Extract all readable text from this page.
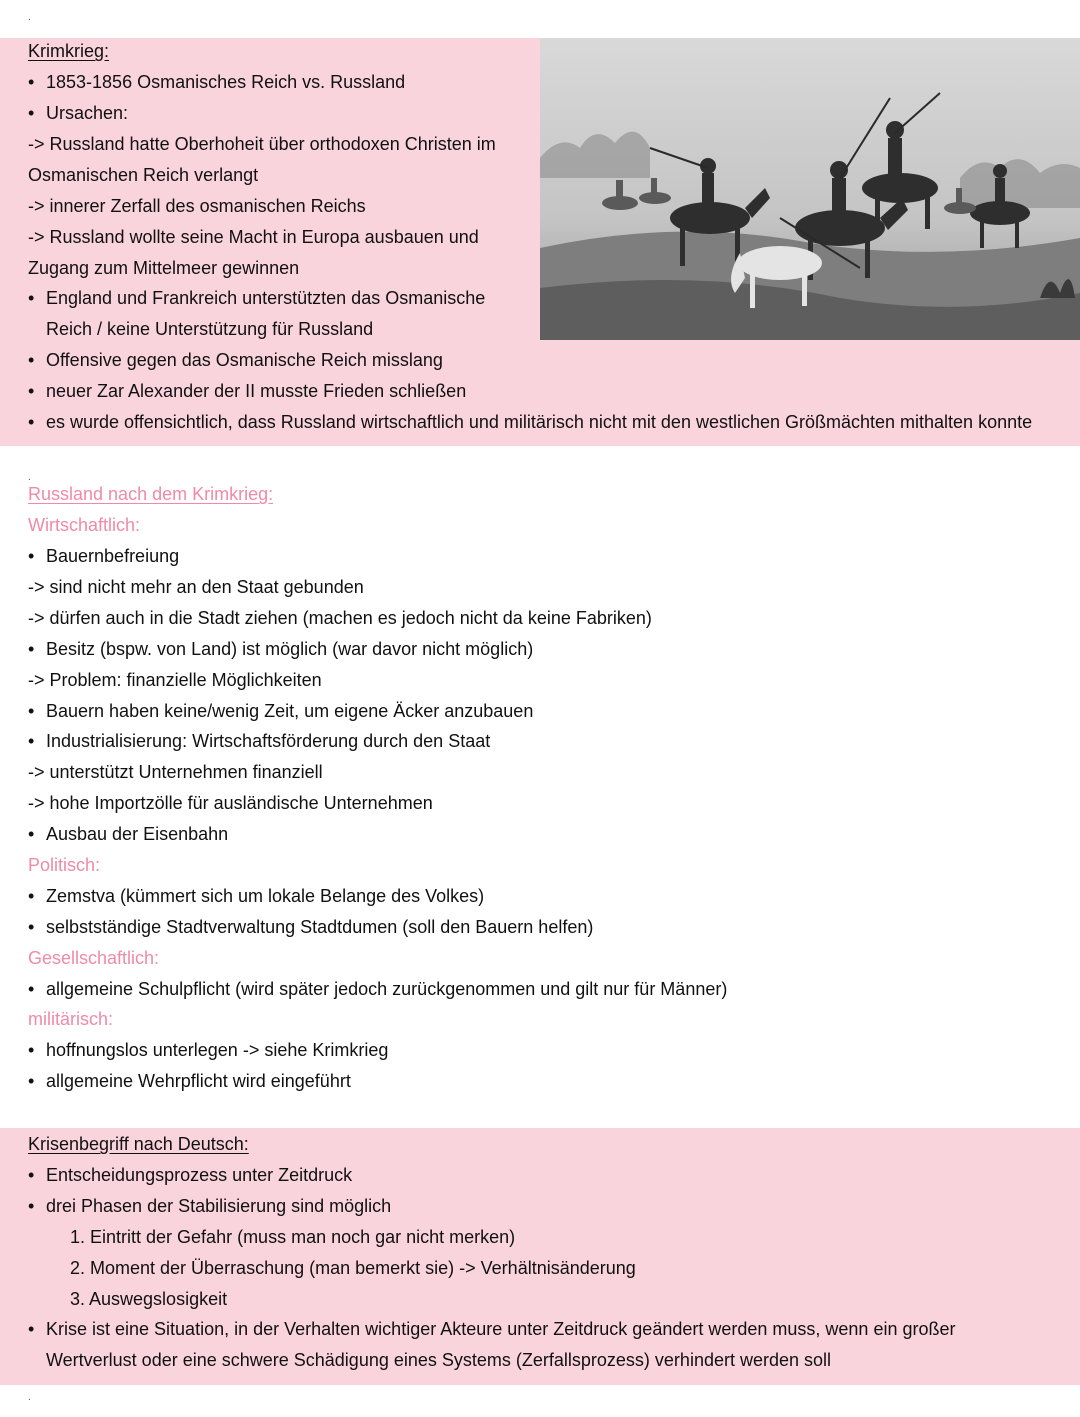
.
Krimkrieg:
• 1853-1856 Osmanisches Reich vs. Russland
• Ursachen:
-> Russland hatte Oberhoheit über orthodoxen Christen im
Osmanischen Reich verlangt
-> innerer Zerfall des osmanischen Reichs
-> Russland wollte seine Macht in Europa ausbauen und
Zugang zum Mittelmeer gewinnen
• England und Frankreich unterstützten das Osmanische
Reich / keine Unterstützung für Russland
• Offensive gegen das Osmanische Reich misslang
• neuer Zar Alexander der II musste Frieden schließen
• es wurde offensichtlich, dass Russland wirtschaftlich und militärisch nicht mit den westlichen Größmächten mithalten konnte
.
Russland nach dem Krimkrieg:
Wirtschaftlich:
• Bauernbefreiung
-> sind nicht mehr an den Staat gebunden
-> dürfen auch in die Stadt ziehen (machen es jedoch nicht da keine Fabriken)
• Besitz (bspw. von Land) ist möglich (war davor nicht möglich)
-> Problem: finanzielle Möglichkeiten
• Bauern haben keine/wenig Zeit, um eigene Äcker anzubauen
• Industrialisierung: Wirtschaftsförderung durch den Staat
-> unterstützt Unternehmen finanziell
-> hohe Importzölle für ausländische Unternehmen
• Ausbau der Eisenbahn
Politisch:
• Zemstva (kümmert sich um lokale Belange des Volkes)
• selbstständige Stadtverwaltung Stadtdumen (soll den Bauern helfen)
Gesellschaftlich:
• allgemeine Schulpflicht (wird später jedoch zurückgenommen und gilt nur für Männer)
militärisch:
• hoffnungslos unterlegen -> siehe Krimkrieg
• allgemeine Wehrpflicht wird eingeführt
Krisenbegriff nach Deutsch:
• Entscheidungsprozess unter Zeitdruck
• drei Phasen der Stabilisierung sind möglich
1. Eintritt der Gefahr (muss man noch gar nicht merken)
2. Moment der Überraschung (man bemerkt sie) -> Verhältnisänderung
3. Auswegslosigkeit
• Krise ist eine Situation, in der Verhalten wichtiger Akteure unter Zeitdruck geändert werden muss, wenn ein großer
Wertverlust oder eine schwere Schädigung eines Systems (Zerfallsprozess) verhindert werden soll
.
